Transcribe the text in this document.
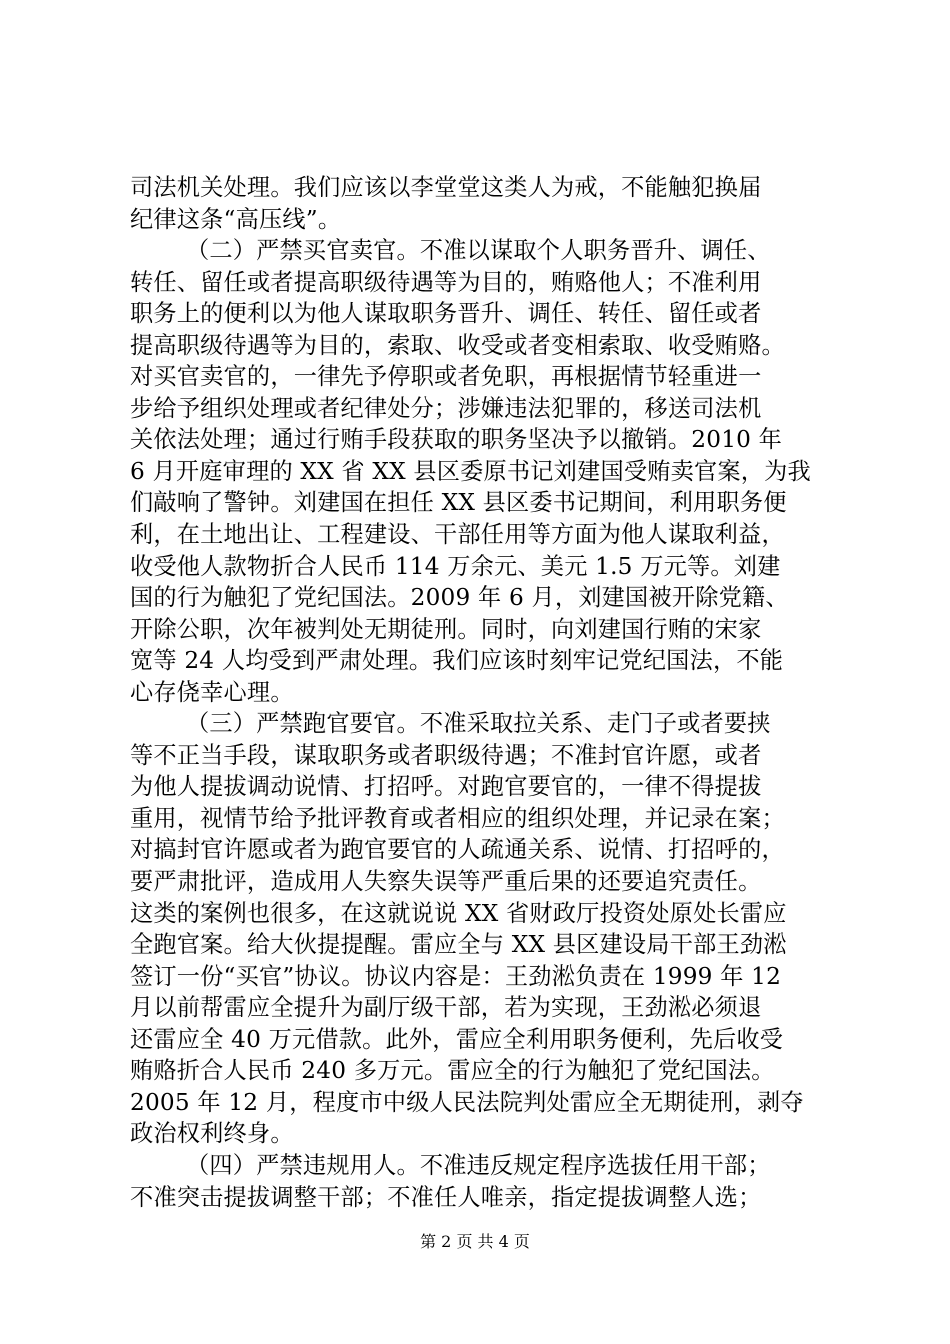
司法机关处理。我们应该以李堂堂这类人为戒，不能触犯换届
纪律这条“高压线”。
（二）严禁买官卖官。不准以谋取个人职务晋升、调任、
转任、留任或者提高职级待遇等为目的，贿赂他人；不准利用
职务上的便利以为他人谋取职务晋升、调任、转任、留任或者
提高职级待遇等为目的，索取、收受或者变相索取、收受贿赂。
对买官卖官的，一律先予停职或者免职，再根据情节轻重进一
步给予组织处理或者纪律处分；涉嫌违法犯罪的，移送司法机
关依法处理；通过行贿手段获取的职务坚决予以撤销。2010 年
6 月开庭审理的 XX 省 XX 县区委原书记刘建国受贿卖官案，为我
们敲响了警钟。刘建国在担任 XX 县区委书记期间，利用职务便
利，在土地出让、工程建设、干部任用等方面为他人谋取利益，
收受他人款物折合人民币 114 万余元、美元 1.5 万元等。刘建
国的行为触犯了党纪国法。2009 年 6 月，刘建国被开除党籍、
开除公职，次年被判处无期徒刑。同时，向刘建国行贿的宋家
宽等 24 人均受到严肃处理。我们应该时刻牢记党纪国法，不能
心存侥幸心理。
（三）严禁跑官要官。不准采取拉关系、走门子或者要挟
等不正当手段，谋取职务或者职级待遇；不准封官许愿，或者
为他人提拔调动说情、打招呼。对跑官要官的，一律不得提拔
重用，视情节给予批评教育或者相应的组织处理，并记录在案；
对搞封官许愿或者为跑官要官的人疏通关系、说情、打招呼的，
要严肃批评，造成用人失察失误等严重后果的还要追究责任。
这类的案例也很多，在这就说说 XX 省财政厅投资处原处长雷应
全跑官案。给大伙提提醒。雷应全与 XX 县区建设局干部王劲淞
签订一份“买官”协议。协议内容是：王劲淞负责在 1999 年 12
月以前帮雷应全提升为副厅级干部，若为实现，王劲淞必须退
还雷应全 40 万元借款。此外，雷应全利用职务便利，先后收受
贿赂折合人民币 240 多万元。雷应全的行为触犯了党纪国法。
2005 年 12 月，程度市中级人民法院判处雷应全无期徒刑，剥夺
政治权利终身。
（四）严禁违规用人。不准违反规定程序选拔任用干部；
不准突击提拔调整干部；不准任人唯亲，指定提拔调整人选；
第 2 页 共 4 页
